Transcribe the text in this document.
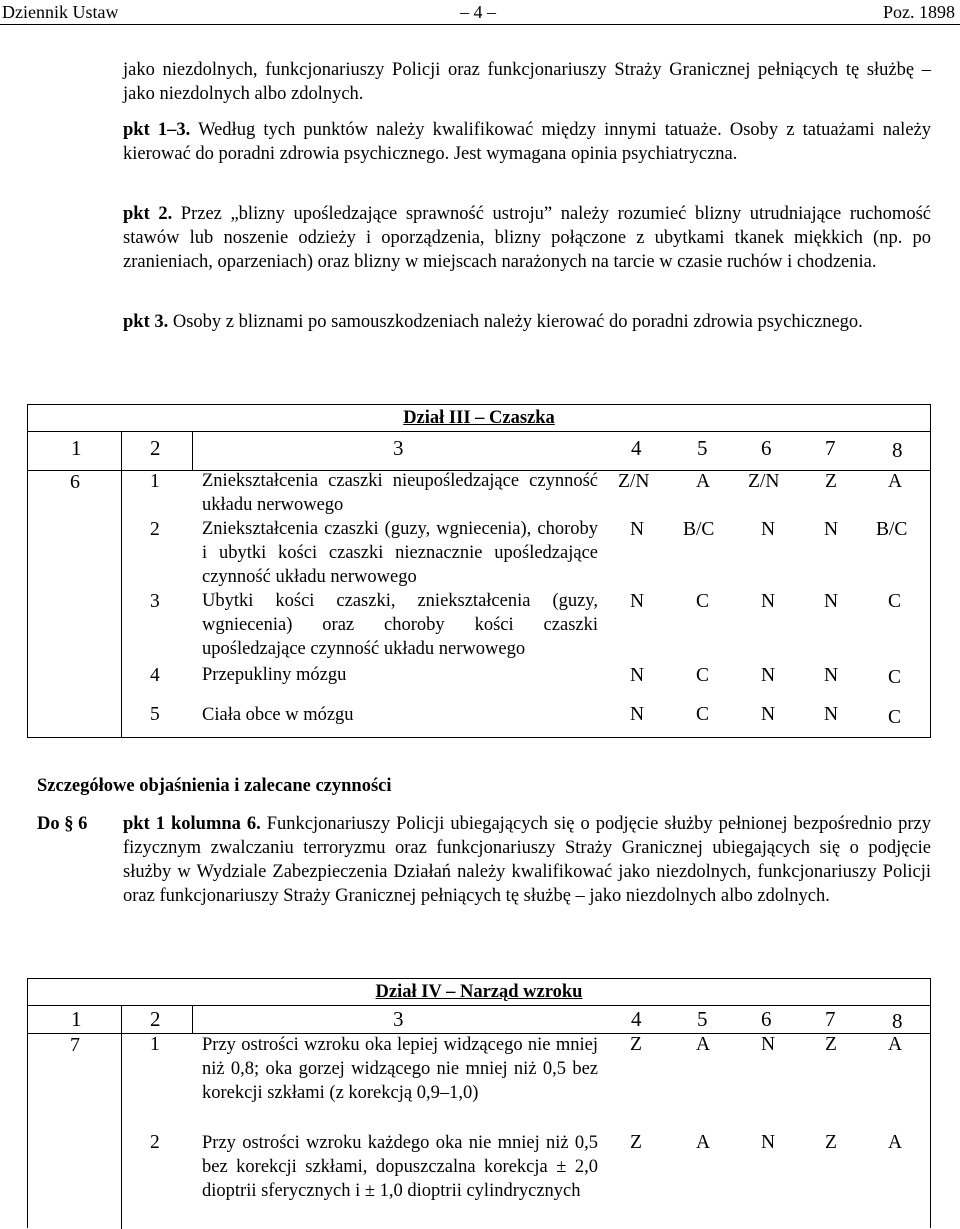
Dziennik Ustaw	– 4 –	Poz. 1898
jako niezdolnych, funkcjonariuszy Policji oraz funkcjonariuszy Straży Granicznej pełniących tę służbę – jako niezdolnych albo zdolnych.
pkt 1–3. Według tych punktów należy kwalifikować między innymi tatuaże. Osoby z tatuażami należy kierować do poradni zdrowia psychicznego. Jest wymagana opinia psychiatryczna.
pkt 2. Przez „blizny upośledzające sprawność ustroju” należy rozumieć blizny utrudniające ruchomość stawów lub noszenie odzieży i oporządzenia, blizny połączone z ubytkami tkanek miękkich (np. po zranieniach, oparzeniach) oraz blizny w miejscach narażonych na tarcie w czasie ruchów i chodzenia.
pkt 3. Osoby z bliznami po samouszkodzeniach należy kierować do poradni zdrowia psychicznego.
Dział III – Czaszka
1	2	3	4	5	6	7	8
6	1 Zniekształcenia czaszki nieupośledzające czynność układu nerwowego
Z/N A Z/N Z	A
2 Zniekształcenia czaszki (guzy, wgniecenia), choroby i ubytki kości czaszki nieznacznie upośledzające czynność układu nerwowego
N B/C N	N B/C
3 Ubytki kości czaszki, zniekształcenia (guzy, wgniecenia) oraz choroby kości czaszki upośledzające czynność układu nerwowego
N	C	N	N	C
4 Przepukliny mózgu	N	C	N	N	C
5 Ciała obce w mózgu	N	C	N	N	C
Szczegółowe objaśnienia i zalecane czynności
Do § 6 pkt 1 kolumna 6. Funkcjonariuszy Policji ubiegających się o podjęcie służby pełnionej bezpośrednio przy fizycznym zwalczaniu terroryzmu oraz funkcjonariuszy Straży Granicznej ubiegających się o podjęcie służby w Wydziale Zabezpieczenia Działań należy kwalifikować jako niezdolnych, funkcjonariuszy Policji oraz funkcjonariuszy Straży Granicznej pełniących tę służbę – jako niezdolnych albo zdolnych.
Dział IV – Narząd wzroku
1	2	3	4	5	6	7	8
7	1 Przy ostrości wzroku oka lepiej widzącego nie mniej niż 0,8; oka gorzej widzącego nie mniej niż 0,5 bez korekcji szkłami (z korekcją 0,9–1,0)
Z	A	N	Z	A
2 Przy ostrości wzroku każdego oka nie mniej niż 0,5 bez korekcji szkłami, dopuszczalna korekcja ± 2,0 dioptrii sferycznych i ± 1,0 dioptrii cylindrycznych
Z	A	N	Z	A
